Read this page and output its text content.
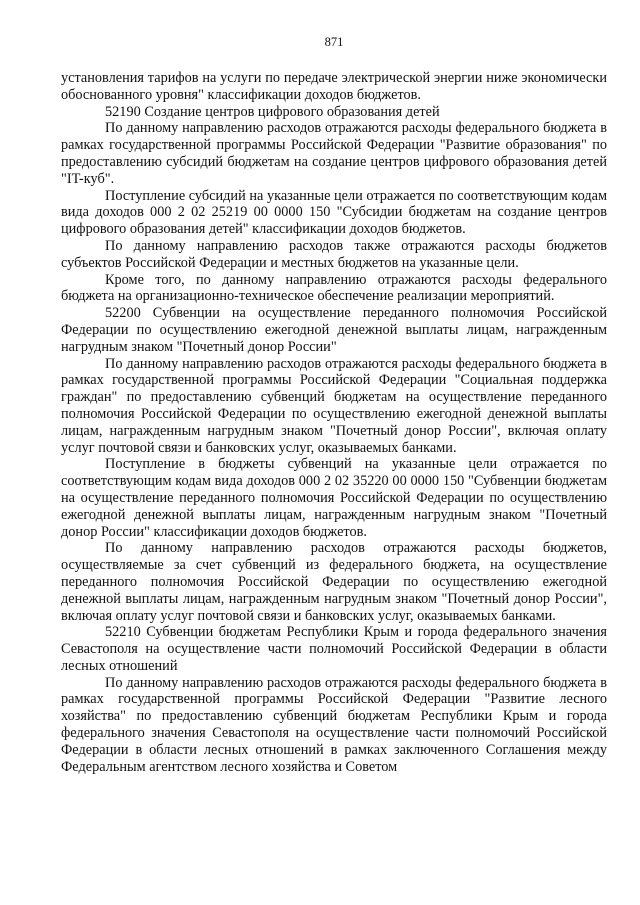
871

установления тарифов на услуги по передаче электрической энергии ниже экономически обоснованного уровня" классификации доходов бюджетов.

52190 Создание центров цифрового образования детей

По данному направлению расходов отражаются расходы федерального бюджета в рамках государственной программы Российской Федерации "Развитие образования" по предоставлению субсидий бюджетам на создание центров цифрового образования детей "IT-куб".

Поступление субсидий на указанные цели отражается по соответствующим кодам вида доходов 000 2 02 25219 00 0000 150 "Субсидии бюджетам на создание центров цифрового образования детей" классификации доходов бюджетов.

По данному направлению расходов также отражаются расходы бюджетов субъектов Российской Федерации и местных бюджетов на указанные цели.

Кроме того, по данному направлению отражаются расходы федерального бюджета на организационно-техническое обеспечение реализации мероприятий.

52200 Субвенции на осуществление переданного полномочия Российской Федерации по осуществлению ежегодной денежной выплаты лицам, награжденным нагрудным знаком "Почетный донор России"

По данному направлению расходов отражаются расходы федерального бюджета в рамках государственной программы Российской Федерации "Социальная поддержка граждан" по предоставлению субвенций бюджетам на осуществление переданного полномочия Российской Федерации по осуществлению ежегодной денежной выплаты лицам, награжденным нагрудным знаком "Почетный донор России", включая оплату услуг почтовой связи и банковских услуг, оказываемых банками.

Поступление в бюджеты субвенций на указанные цели отражается по соответствующим кодам вида доходов 000 2 02 35220 00 0000 150 "Субвенции бюджетам на осуществление переданного полномочия Российской Федерации по осуществлению ежегодной денежной выплаты лицам, награжденным нагрудным знаком "Почетный донор России" классификации доходов бюджетов.

По данному направлению расходов отражаются расходы бюджетов, осуществляемые за счет субвенций из федерального бюджета, на осуществление переданного полномочия Российской Федерации по осуществлению ежегодной денежной выплаты лицам, награжденным нагрудным знаком "Почетный донор России", включая оплату услуг почтовой связи и банковских услуг, оказываемых банками.

52210 Субвенции бюджетам Республики Крым и города федерального значения Севастополя на осуществление части полномочий Российской Федерации в области лесных отношений

По данному направлению расходов отражаются расходы федерального бюджета в рамках государственной программы Российской Федерации "Развитие лесного хозяйства" по предоставлению субвенций бюджетам Республики Крым и города федерального значения Севастополя на осуществление части полномочий Российской Федерации в области лесных отношений в рамках заключенного Соглашения между Федеральным агентством лесного хозяйства и Советом
